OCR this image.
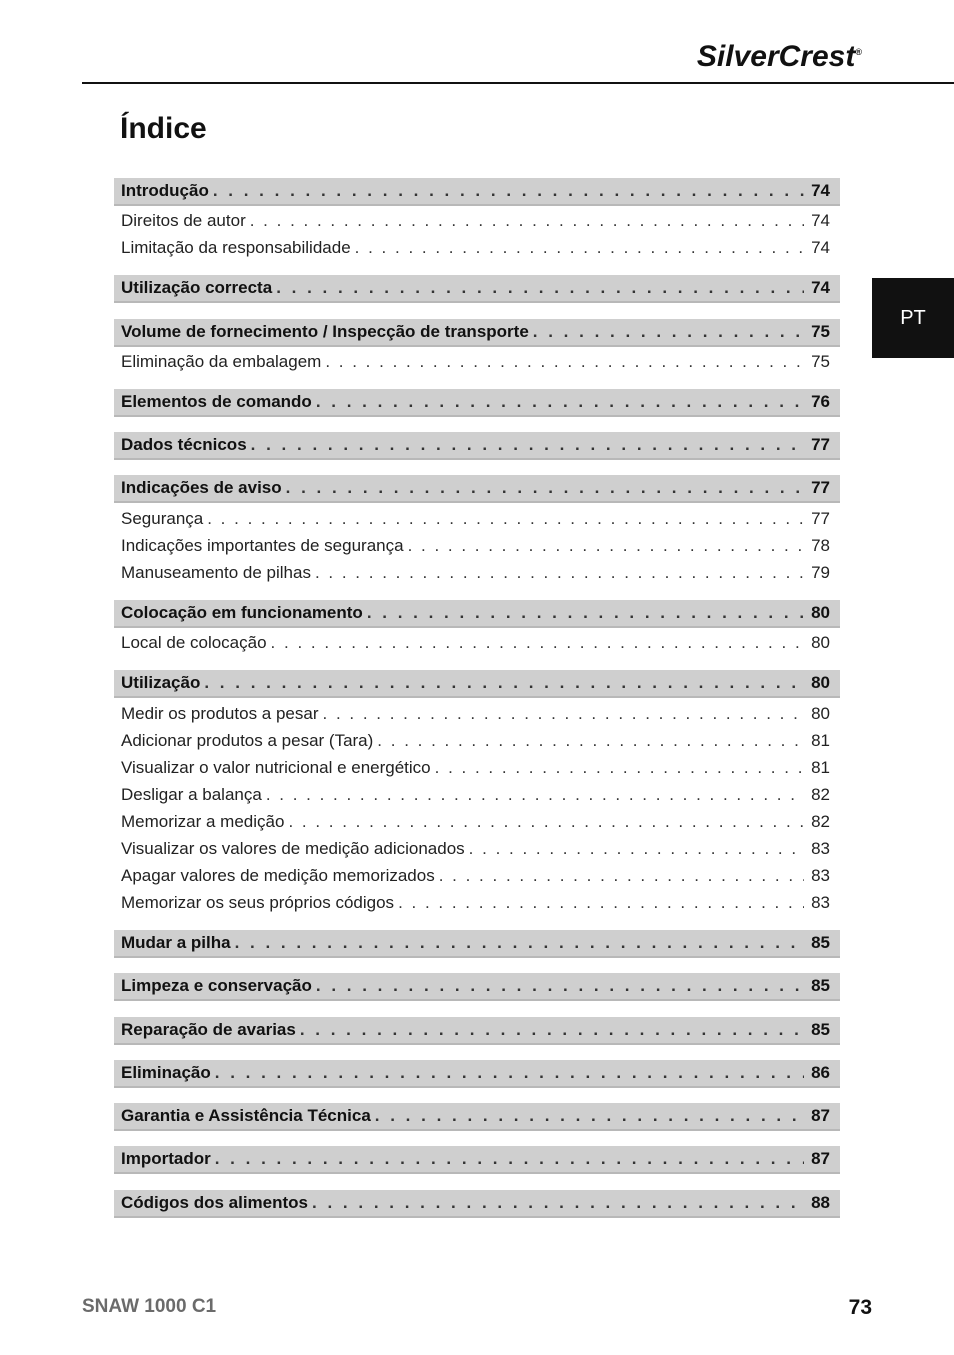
SilverCrest®
Índice
PT
Introdução . . .	74
Direitos de autor . . .	74
Limitação da responsabilidade . . .	74
Utilização correcta . . .	74
Volume de fornecimento / Inspecção de transporte . . .	75
Eliminação da embalagem . . .	75
Elementos de comando . . .	76
Dados técnicos . . .	77
Indicações de aviso . . .	77
Segurança . . .	77
Indicações importantes de segurança . . .	78
Manuseamento de pilhas . . .	79
Colocação em funcionamento . . .	80
Local de colocação . . .	80
Utilização . . .	80
Medir os produtos a pesar . . .	80
Adicionar produtos a pesar (Tara) . . .	81
Visualizar o valor nutricional e energético . . .	81
Desligar a balança . . .	82
Memorizar a medição . . .	82
Visualizar os valores de medição adicionados . . .	83
Apagar valores de medição memorizados . . .	83
Memorizar os seus próprios códigos . . .	83
Mudar a pilha . . .	85
Limpeza e conservação . . .	85
Reparação de avarias . . .	85
Eliminação . . .	86
Garantia e Assistência Técnica . . .	87
Importador . . .	87
Códigos dos alimentos . . .	88
SNAW 1000 C1	73
